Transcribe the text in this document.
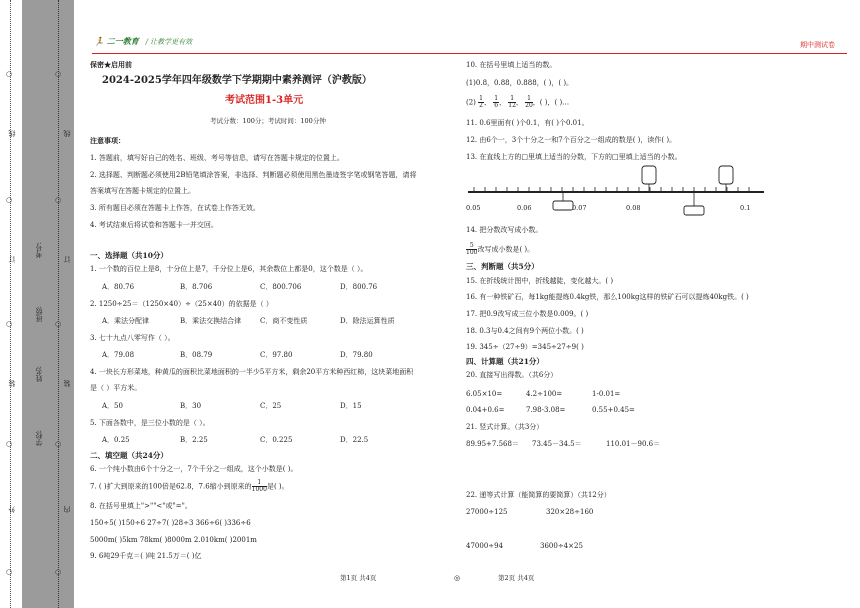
○
○
○
○
○
外
装
订
线
○
○
○
○
○
内
装
订
线
学校:
姓名:
班级:
考号:
🏃 二一教育 / 让教学更有效	期中测试卷
保密★启用前
2024-2025学年四年级数学下学期期中素养测评（沪教版）
考试范围1-3单元
考试分数：100分；考试时间：100分钟
注意事项：
1. 答题前，填写好自己的姓名、班级、考号等信息，请写在答题卡规定的位置上。
2. 选择题、判断题必须使用2B铅笔填涂答案，非选择、判断题必须使用黑色墨迹签字笔或钢笔答题，请将
答案填写在答题卡规定的位置上。
3. 所有题目必须在答题卡上作答，在试卷上作答无效。
4. 考试结束后将试卷和答题卡一并交回。
一、选择题（共10分）
1. 一个数的百位上是8，十分位上是7，千分位上是6，其余数位上都是0，这个数是（ ）。
A．80.76	B．8.706	C．800.706	D．800.76
2. 1250÷25＝（1250×40）÷（25×40）的依据是（ ）
A．乘法分配律	B．乘法交换结合律	C．商不变性质	D．除法运算性质
3. 七十九点八零写作（ ）。
A．79.08	B．08.79	C．97.80	D．79.80
4. 一块长方形菜地，种黄瓜的面积比菜地面积的一半少5平方米，剩余20平方米种西红柿，这块菜地面积
是（ ）平方米。
A．50	B．30	C．25	D．15
5. 下面各数中，是三位小数的是（ ）。
A．0.25	B．2.25	C．0.225	D．22.5
二、填空题（共24分）
6. 一个纯小数由6个十分之一，7个千分之一组成，这个小数是( )。
7. ( )扩大到原来的100倍是62.8，7.6缩小到原来的 $\frac{1}{1000}$ 是( )。
8. 在括号里填上">""<"或"="。
150÷5( )150÷6 27÷7( )28÷3 366÷6( )336÷6
5000m( )5km 78km( )8000m 2.010km( )2001m
9. 6吨29千克＝( )吨 21.5万＝( )亿
第1页 共4页	◎
10. 在括号里填上适当的数。
(1)0.8，0.88，0.888，( )，( )。
$(2) \frac{1}{2}$ ， $\frac{1}{6}$ ， $\frac{1}{12}$ ， $\frac{1}{20}$ ，( )，( )…
11. 0.6里面有( )个0.1，有( )个0.01。
12. 由6个一，3个十分之一和7个百分之一组成的数是( )，读作( )。
13. 在直线上方的□里填上适当的分数，下方的□里填上适当的小数。
0.05	0.06	0.07	0.08	0.1
14. 把分数改写成小数。
$\frac{5}{100}$ 改写成小数是( )。
三、判断题（共5分）
15. 在折线统计图中，折线越陡，变化越大。( )
16. 有一种铁矿石，每1kg能提炼0.4kg铁，那么100kg这样的铁矿石可以提炼40kg铁。( )
17. 把0.9改写成三位小数是0.009。( )
18. 0.3与0.4之间有9个两位小数。( )
19. 345÷（27÷9）=345÷27÷9( )
四、计算题（共21分）
20. 直接写出得数。（共6分）
6.05×10=	4.2÷100=	1-0.01=
0.04+0.6=	7.98-3.08=	0.55+0.45=
21. 竖式计算。（共3分）
89.95+7.568＝ 73.45－34.5＝	110.01－90.6＝
22. 递等式计算（能简算的要简算）（共12分）
27000÷125	320×28÷160
47000÷94	3600÷4×25
第2页 共4页
